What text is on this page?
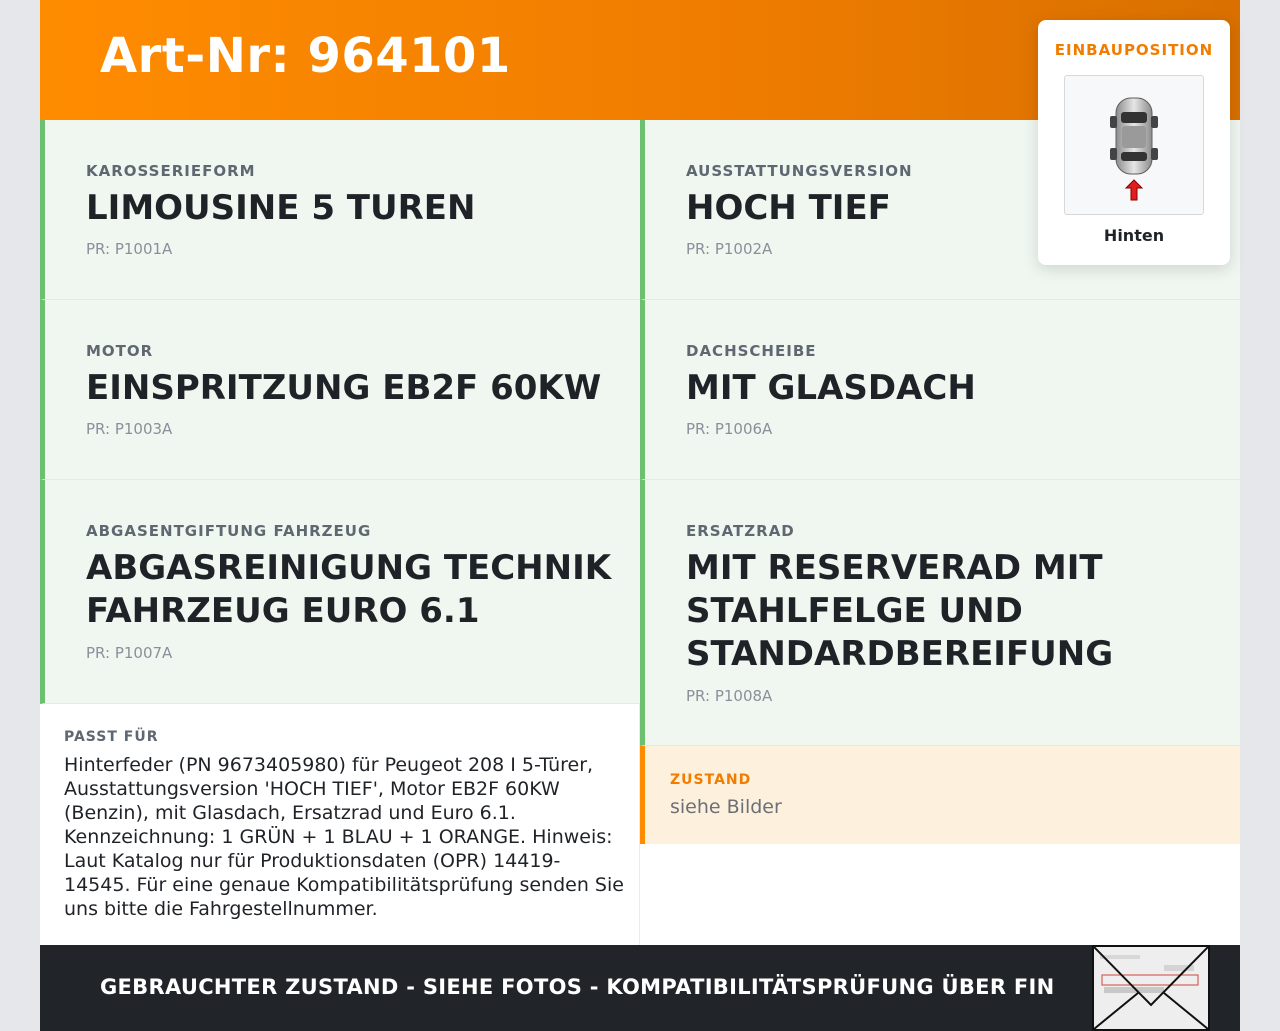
Art-Nr: 964101
KAROSSERIEFORM
LIMOUSINE 5 TUREN
PR: P1001A
AUSSTATTUNGSVERSION
HOCH TIEF
PR: P1002A
MOTOR
EINSPRITZUNG EB2F 60KW
PR: P1003A
DACHSCHEIBE
MIT GLASDACH
PR: P1006A
ABGASENTGIFTUNG FAHRZEUG
ABGASREINIGUNG TECHNIK
FAHRZEUG EURO 6.1
PR: P1007A
ERSATZRAD
MIT RESERVERAD MIT
STAHLFELGE UND
STANDARDBEREIFUNG
PR: P1008A
PASST FÜR
Hinterfeder (PN 9673405980) für Peugeot 208 I 5-Türer, Ausstattungsversion 'HOCH TIEF', Motor EB2F 60KW (Benzin), mit Glasdach, Ersatzrad und Euro 6.1. Kennzeichnung: 1 GRÜN + 1 BLAU + 1 ORANGE. Hinweis: Laut Katalog nur für Produktionsdaten (OPR) 14419-14545. Für eine genaue Kompatibilitätsprüfung senden Sie uns bitte die Fahrgestellnummer.
ZUSTAND
siehe Bilder
GEBRAUCHTER ZUSTAND - SIEHE FOTOS - KOMPATIBILITÄTSPRÜFUNG ÜBER FIN
EINBAUPOSITION
Hinten
